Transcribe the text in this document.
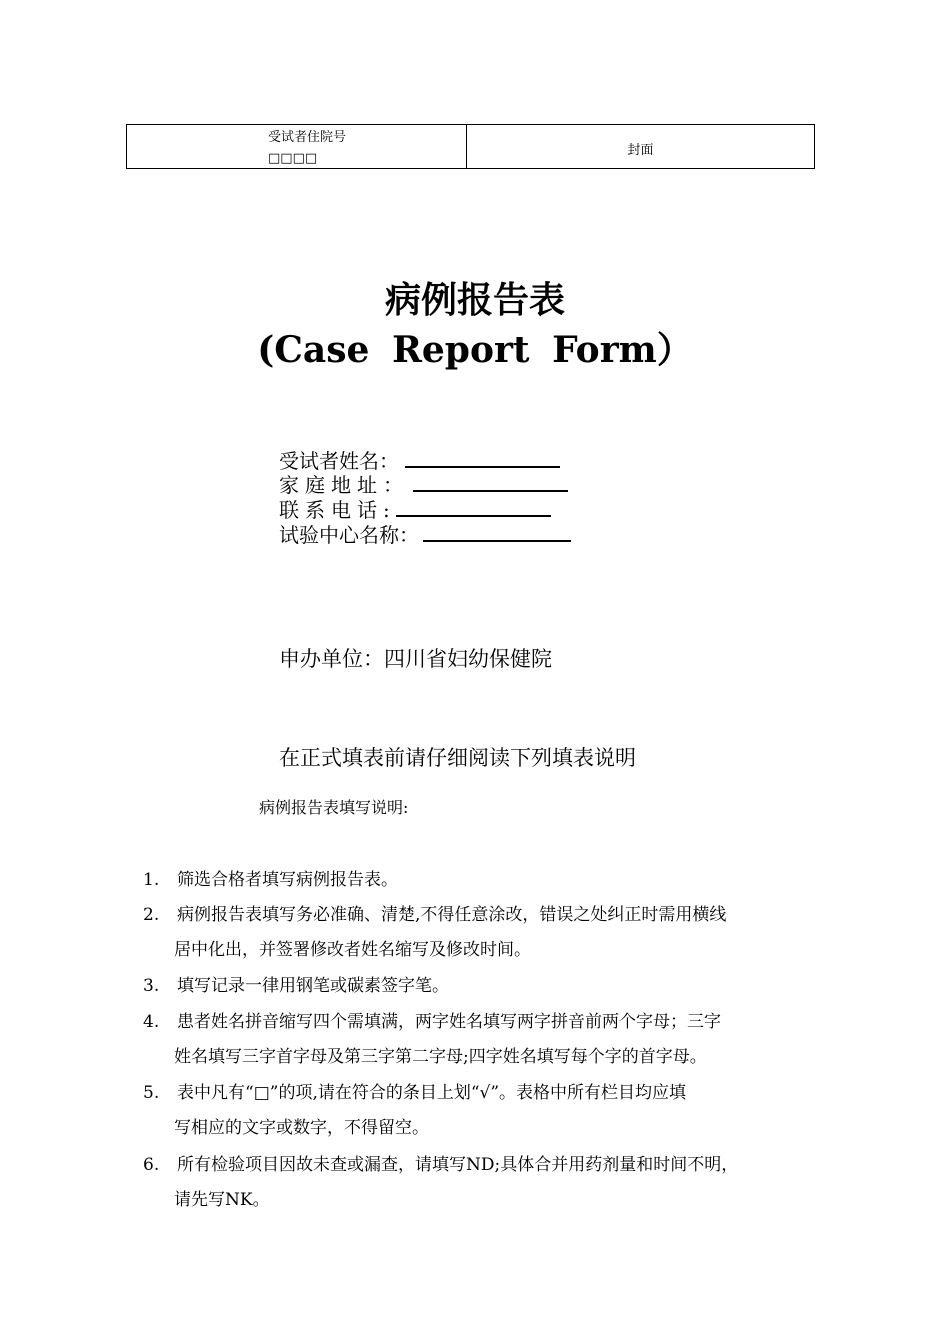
受试者住院号
□□□□
封面
病例报告表
(Case Report Form）
受试者姓名：
家庭地址：
联系电话:
试验中心名称：
申办单位：四川省妇幼保健院
在正式填表前请仔细阅读下列填表说明
病例报告表填写说明:
1. 筛选合格者填写病例报告表。
2. 病例报告表填写务必准确、清楚,不得任意涂改，错误之处纠正时需用横线
居中化出，并签署修改者姓名缩写及修改时间。
3. 填写记录一律用钢笔或碳素签字笔。
4. 患者姓名拼音缩写四个需填满，两字姓名填写两字拼音前两个字母；三字
姓名填写三字首字母及第三字第二字母;四字姓名填写每个字的首字母。
5. 表中凡有“□”的项,请在符合的条目上划“√”。表格中所有栏目均应填
写相应的文字或数字，不得留空。
6. 所有检验项目因故未查或漏查，请填写ND;具体合并用药剂量和时间不明，
请先写NK。
